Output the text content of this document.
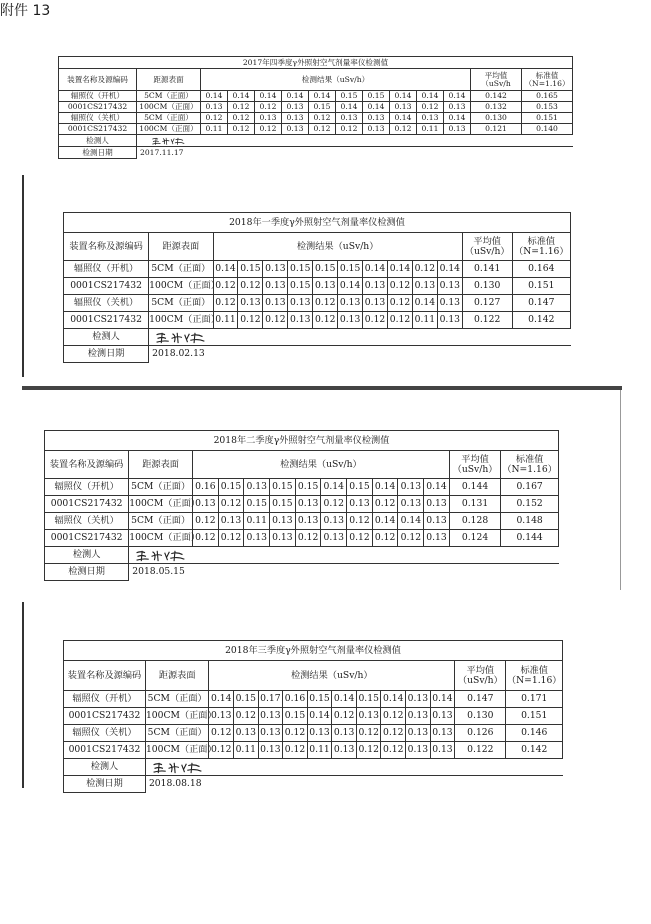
附件 13
2017年四季度γ外照射空气剂量率仪检测值													
装置名称及源编码	距源表面	检测结果（uSv/h）										平均值
（uSv/h	标准值
（N=1.16）
辐照仪（开机）	5CM（正面）	0.14	0.14	0.14	0.14	0.14	0.15	0.15	0.14	0.14	0.14	0.142	0.165
0001CS217432	100CM（正面）	0.13	0.12	0.12	0.13	0.15	0.14	0.14	0.13	0.12	0.13	0.132	0.153
辐照仪（关机）	5CM（正面）	0.12	0.12	0.13	0.13	0.12	0.13	0.13	0.14	0.13	0.14	0.130	0.151
0001CS217432	100CM（正面）	0.11	0.12	0.12	0.13	0.12	0.12	0.13	0.12	0.11	0.13	0.121	0.140
检测人	
检测日期	2017.11.17												
2018年一季度γ外照射空气剂量率仪检测值													
装置名称及源编码	距源表面	检测结果（uSv/h）										平均值
（uSv/h）	标准值
（N=1.16）
辐照仪（开机）	5CM（正面）	0.14	0.15	0.13	0.15	0.15	0.15	0.14	0.14	0.12	0.14	0.141	0.164
0001CS217432	100CM（正面）	0.12	0.12	0.13	0.15	0.13	0.14	0.13	0.12	0.13	0.13	0.130	0.151
辐照仪（关机）	5CM（正面）	0.12	0.13	0.13	0.13	0.12	0.13	0.13	0.12	0.14	0.13	0.127	0.147
0001CS217432	100CM（正面）	0.11	0.12	0.12	0.13	0.12	0.13	0.12	0.12	0.11	0.13	0.122	0.142
检测人	
检测日期	2018.02.13												
2018年二季度γ外照射空气剂量率仪检测值													
装置名称及源编码	距源表面	检测结果（uSv/h）										平均值
（uSv/h）	标准值
（N=1.16）
辐照仪（开机）	5CM（正面）	0.16	0.15	0.13	0.15	0.15	0.14	0.15	0.14	0.13	0.14	0.144	0.167
0001CS217432	100CM（正面）	0.13	0.12	0.15	0.15	0.13	0.12	0.13	0.12	0.13	0.13	0.131	0.152
辐照仪（关机）	5CM（正面）	0.12	0.13	0.11	0.13	0.13	0.13	0.12	0.14	0.14	0.13	0.128	0.148
0001CS217432	100CM（正面）	0.12	0.12	0.13	0.13	0.12	0.13	0.12	0.12	0.12	0.13	0.124	0.144
检测人	
检测日期	2018.05.15												
2018年三季度γ外照射空气剂量率仪检测值													
装置名称及源编码	距源表面	检测结果（uSv/h）										平均值
（uSv/h）	标准值
（N=1.16）
辐照仪（开机）	5CM（正面）	0.14	0.15	0.17	0.16	0.15	0.14	0.15	0.14	0.13	0.14	0.147	0.171
0001CS217432	100CM（正面）	0.13	0.12	0.13	0.15	0.14	0.12	0.13	0.12	0.13	0.13	0.130	0.151
辐照仪（关机）	5CM（正面）	0.12	0.13	0.13	0.12	0.13	0.13	0.12	0.12	0.13	0.13	0.126	0.146
0001CS217432	100CM（正面）	0.12	0.11	0.13	0.12	0.11	0.13	0.12	0.12	0.13	0.13	0.122	0.142
检测人	
检测日期	2018.08.18												
